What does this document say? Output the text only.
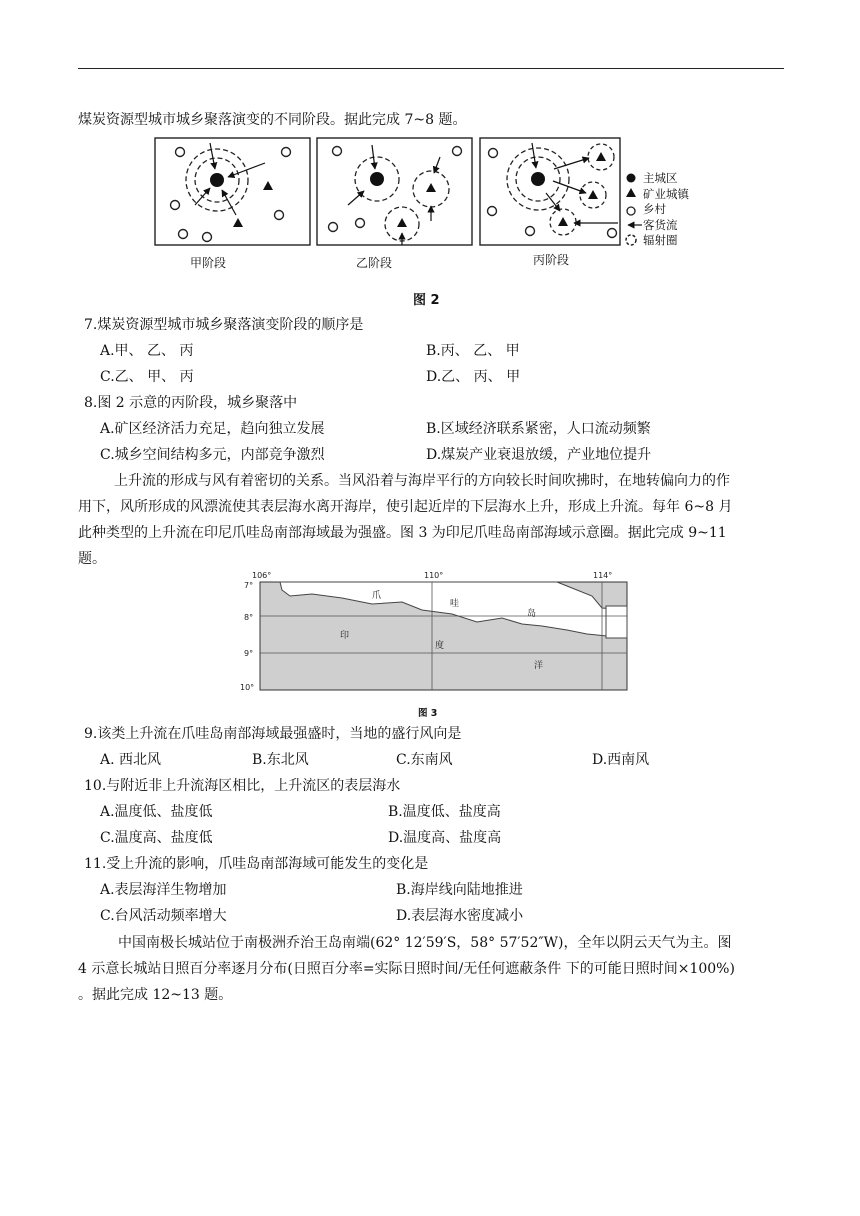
煤炭资源型城市城乡聚落演变的不同阶段。据此完成 7~8 题。
主城区
矿业城镇
乡村
客货流
辐射圈
甲阶段	乙阶段	丙阶段
图 2
7.煤炭资源型城市城乡聚落演变阶段的顺序是
A.甲、 乙、 丙	B.丙、 乙、 甲
C.乙、 甲、 丙	D.乙、 丙、 甲
8.图 2 示意的丙阶段，城乡聚落中
A.矿区经济活力充足，趋向独立发展	B.区域经济联系紧密，人口流动频繁
C.城乡空间结构多元，内部竞争激烈	D.煤炭产业衰退放缓，产业地位提升
上升流的形成与风有着密切的关系。当风沿着与海岸平行的方向较长时间吹拂时，在地转偏向力的作
用下，风所形成的风漂流使其表层海水离开海岸，使引起近岸的下层海水上升，形成上升流。每年 6~8 月
此种类型的上升流在印尼爪哇岛南部海域最为强盛。图 3 为印尼爪哇岛南部海域示意圈。据此完成 9~11
题。
106°	110°	114°
7°
8°
9°
10°
爪
哇
岛
印
度
洋
图 3
9.该类上升流在爪哇岛南部海域最强盛时，当地的盛行风向是
A. 西北风	B.东北风	C.东南风	D.西南风
10.与附近非上升流海区相比，上升流区的表层海水
A.温度低、盐度低	B.温度低、盐度高
C.温度高、盐度低	D.温度高、盐度高
11.受上升流的影响，爪哇岛南部海域可能发生的变化是
A.表层海洋生物增加	B.海岸线向陆地推进
C.台风活动频率增大	D.表层海水密度减小
中国南极长城站位于南极洲乔治王岛南端(62° 12′59′S，58° 57′52″W)，全年以阴云天气为主。图
4 示意长城站日照百分率逐月分布(日照百分率=实际日照时间/无任何遮蔽条件 下的可能日照时间×100%)
。据此完成 12~13 题。
